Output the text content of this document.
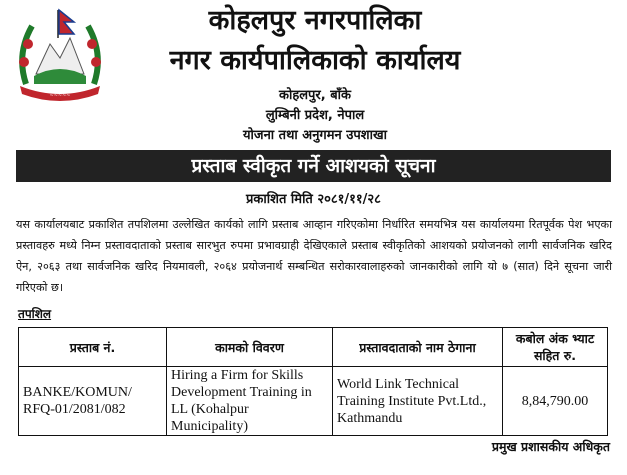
~~~~~
कोहलपुर नगरपालिका
नगर कार्यपालिकाको कार्यालय
कोहलपुर, बाँके
लुम्बिनी प्रदेश, नेपाल
योजना तथा अनुगमन उपशाखा
प्रस्ताब स्वीकृत गर्ने आशयको सूचना
प्रकाशित मिति २०८१/११/२८

यस कार्यालयबाट प्रकाशित तपशिलमा उल्लेखित कार्यको लागि प्रस्ताब आव्हान गरिएकोमा निर्धारित समयभित्र यस कार्यालयमा रितपूर्वक पेश भएका प्रस्तावहरु मध्ये निम्न प्रस्तावदाताको प्रस्ताब सारभुत रुपमा प्रभावग्राही देखिएकाले प्रस्ताब स्वीकृतिको आशयको प्रयोजनको लागी सार्वजनिक खरिद ऐन, २०६३ तथा सार्वजनिक खरिद नियमावली, २०६४ प्रयोजनार्थ सम्बन्धित सरोकारवालाहरुको जानकारीको लागि यो ७ (सात) दिने सूचना जारी गरिएको छ।

तपशिल
प्रस्ताब नं.	कामको विवरण	प्रस्तावदाताको नाम ठेगाना	कबोल अंक भ्याट सहित रु.
BANKE/KOMUN/ RFQ-01/2081/082	Hiring a Firm for Skills Development Training in LL (Kohalpur Municipality)	World Link Technical Training Institute Pvt.Ltd., Kathmandu	8,84,790.00
प्रमुख प्रशासकीय अधिकृत
